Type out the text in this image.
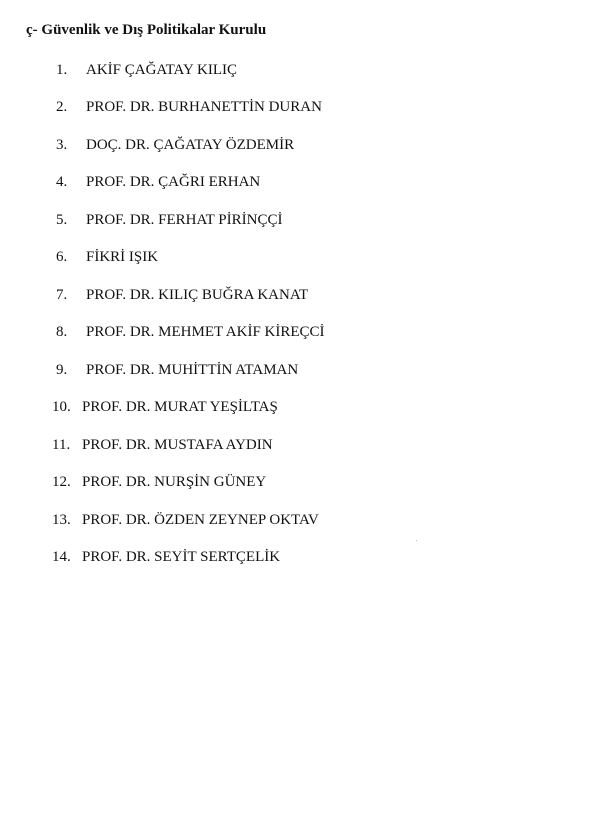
ç- Güvenlik ve Dış Politikalar Kurulu
1. AKİF ÇAĞATAY KILIÇ
2. PROF. DR. BURHANETTİN DURAN
3. DOÇ. DR. ÇAĞATAY ÖZDEMİR
4. PROF. DR. ÇAĞRI ERHAN
5. PROF. DR. FERHAT PİRİNÇÇİ
6. FİKRİ IŞIK
7. PROF. DR. KILIÇ BUĞRA KANAT
8. PROF. DR. MEHMET AKİF KİREÇCİ
9. PROF. DR. MUHİTTİN ATAMAN
10. PROF. DR. MURAT YEŞİLTAŞ
11. PROF. DR. MUSTAFA AYDIN
12. PROF. DR. NURŞİN GÜNEY
13. PROF. DR. ÖZDEN ZEYNEP OKTAV
14. PROF. DR. SEYİT SERTÇELİK
